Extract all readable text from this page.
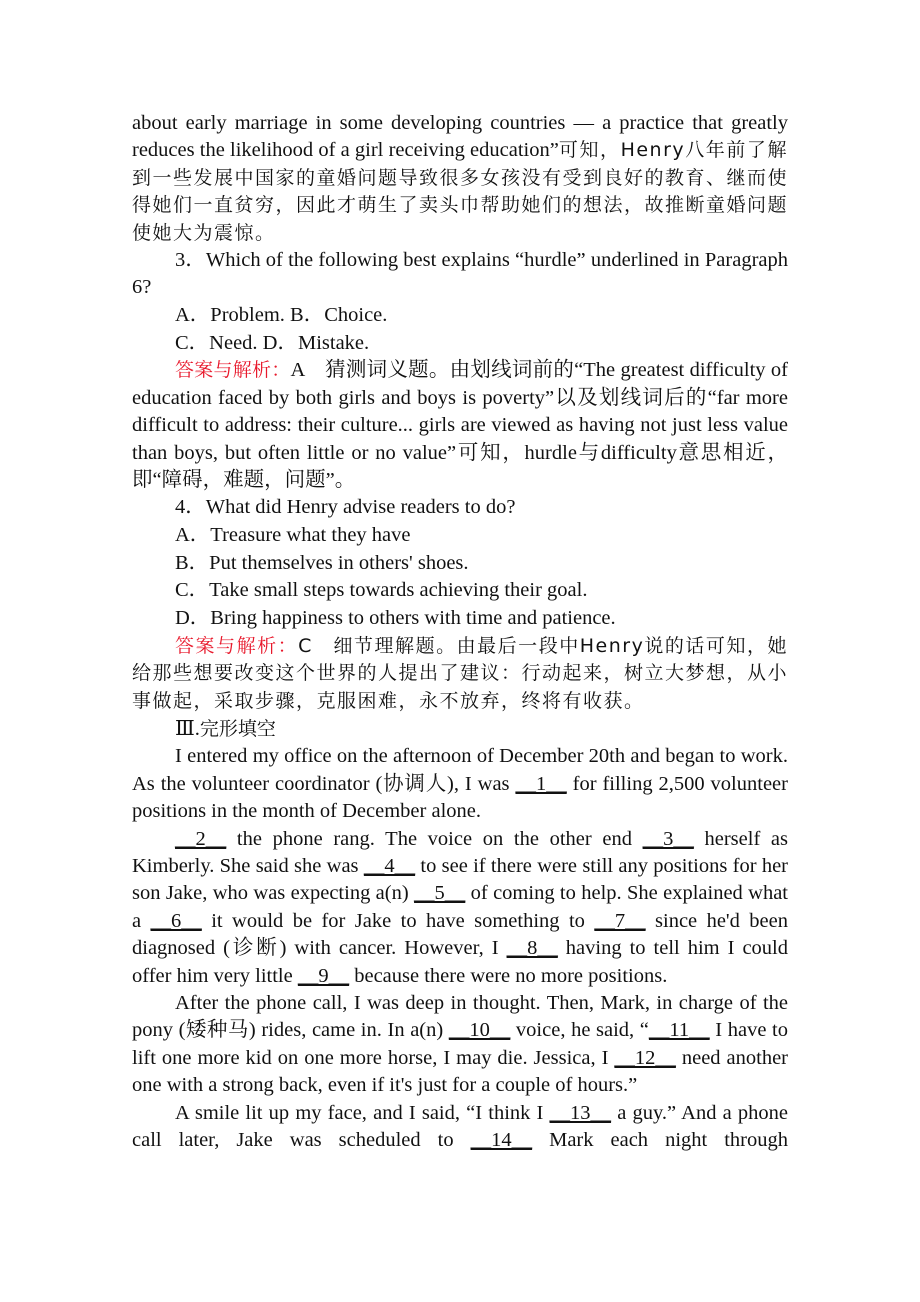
about early marriage in some developing countries — a practice that greatly reduces the likelihood of a girl receiving education”可知，Henry八年前了解到一些发展中国家的童婚问题导致很多女孩没有受到良好的教育、继而使得她们一直贫穷，因此才萌生了卖头巾帮助她们的想法，故推断童婚问题使她大为震惊。

3．Which of the following best explains “hurdle” underlined in Paragraph 6?

A．Problem. B．Choice.

C．Need. D．Mistake.

答案与解析：A　猜测词义题。由划线词前的“The greatest difficulty of education faced by both girls and boys is poverty”以及划线词后的“far more difficult to address: their culture... girls are viewed as having not just less value than boys, but often little or no value”可知，hurdle与difficulty意思相近，即“障碍，难题，问题”。

4．What did Henry advise readers to do?

A．Treasure what they have

B．Put themselves in others' shoes.

C．Take small steps towards achieving their goal.

D．Bring happiness to others with time and patience.

答案与解析：C　细节理解题。由最后一段中Henry说的话可知，她给那些想要改变这个世界的人提出了建议：行动起来，树立大梦想，从小事做起，采取步骤，克服困难，永不放弃，终将有收获。

Ⅲ.完形填空

I entered my office on the afternoon of December 20th and began to work. As the volunteer coordinator (协调人), I was __1__ for filling 2,500 volunteer positions in the month of December alone.

__2__ the phone rang. The voice on the other end __3__ herself as Kimberly. She said she was __4__ to see if there were still any positions for her son Jake, who was expecting a(n) __5__ of coming to help. She explained what a __6__ it would be for Jake to have something to __7__ since he'd been diagnosed (诊断) with cancer. However, I __8__ having to tell him I could offer him very little __9__ because there were no more positions.

After the phone call, I was deep in thought. Then, Mark, in charge of the pony (矮种马) rides, came in. In a(n) __10__ voice, he said, “__11__ I have to lift one more kid on one more horse, I may die. Jessica, I __12__ need another one with a strong back, even if it's just for a couple of hours.”

A smile lit up my face, and I said, “I think I __13__ a guy.” And a phone call later, Jake was scheduled to __14__ Mark each night through
